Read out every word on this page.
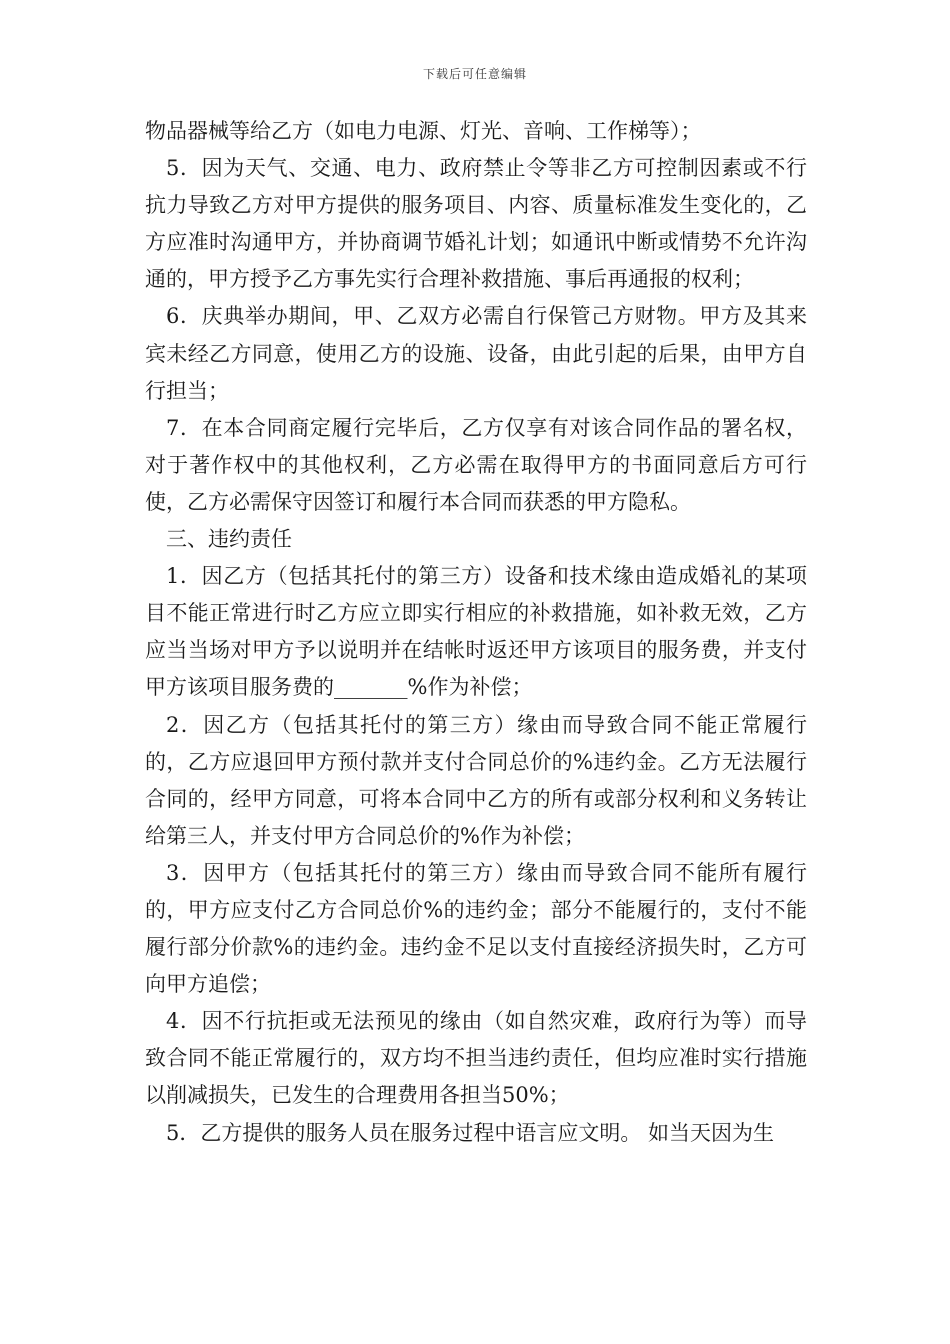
下载后可任意编辑

物品器械等给乙方（如电力电源、灯光、音响、工作梯等）；

5．因为天气、交通、电力、政府禁止令等非乙方可控制因素或不行抗力导致乙方对甲方提供的服务项目、内容、质量标准发生变化的，乙方应准时沟通甲方，并协商调节婚礼计划；如通讯中断或情势不允许沟通的，甲方授予乙方事先实行合理补救措施、事后再通报的权利；

6．庆典举办期间，甲、乙双方必需自行保管己方财物。甲方及其来宾未经乙方同意，使用乙方的设施、设备，由此引起的后果，由甲方自行担当；

7．在本合同商定履行完毕后，乙方仅享有对该合同作品的署名权，对于著作权中的其他权利，乙方必需在取得甲方的书面同意后方可行使，乙方必需保守因签订和履行本合同而获悉的甲方隐私。

三、违约责任

1．因乙方（包括其托付的第三方）设备和技术缘由造成婚礼的某项目不能正常进行时乙方应立即实行相应的补救措施，如补救无效，乙方应当当场对甲方予以说明并在结帐时返还甲方该项目的服务费，并支付甲方该项目服务费的_______%作为补偿；

2．因乙方（包括其托付的第三方）缘由而导致合同不能正常履行的，乙方应退回甲方预付款并支付合同总价的%违约金。乙方无法履行合同的，经甲方同意，可将本合同中乙方的所有或部分权利和义务转让给第三人，并支付甲方合同总价的%作为补偿；

3．因甲方（包括其托付的第三方）缘由而导致合同不能所有履行的，甲方应支付乙方合同总价%的违约金；部分不能履行的，支付不能履行部分价款%的违约金。违约金不足以支付直接经济损失时，乙方可向甲方追偿；

4．因不行抗拒或无法预见的缘由（如自然灾难，政府行为等）而导致合同不能正常履行的，双方均不担当违约责任，但均应准时实行措施以削减损失，已发生的合理费用各担当50%；

5．乙方提供的服务人员在服务过程中语言应文明。 如当天因为生
